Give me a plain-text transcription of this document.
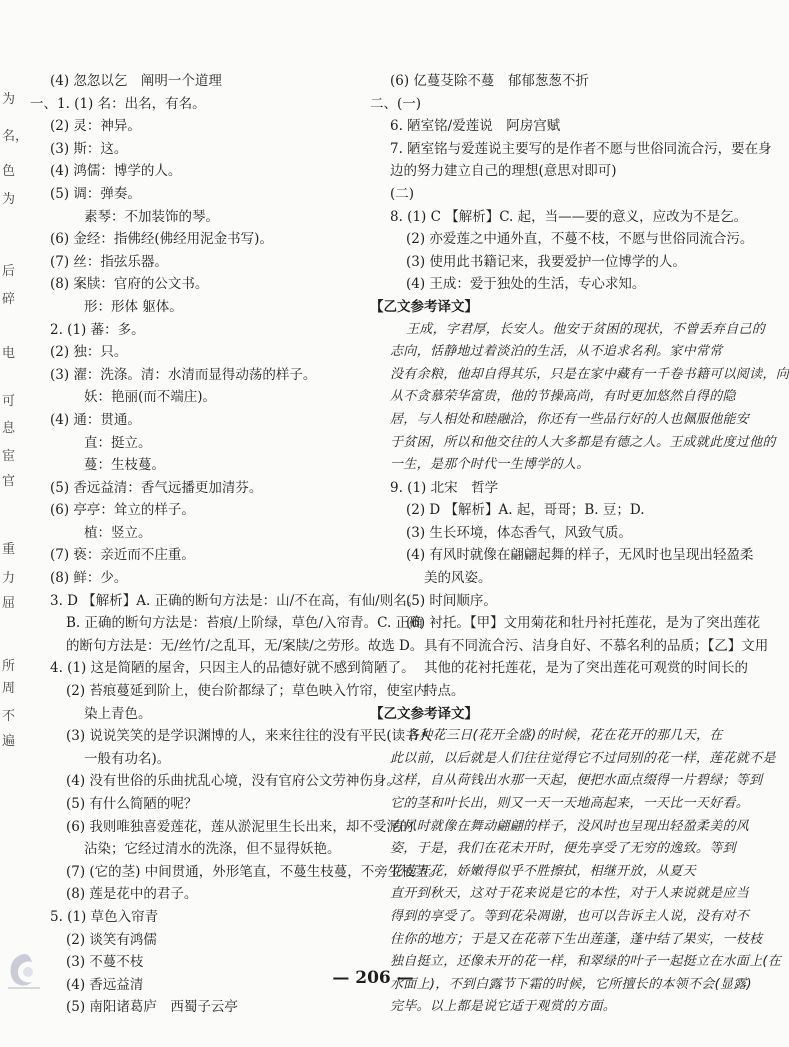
为
名，
色
为
后
碎
电
可
息
宦
官
重
力
屈
所
周
不
遍
(4) 忽忽以乞　阐明一个道理
一、1. (1) 名：出名，有名。
(2) 灵：神异。
(3) 斯：这。
(4) 鸿儒：博学的人。
(5) 调：弹奏。
素琴：不加装饰的琴。
(6) 金经：指佛经(佛经用泥金书写)。
(7) 丝：指弦乐器。
(8) 案牍：官府的公文书。
形：形体 躯体。
2. (1) 蕃：多。
(2) 独：只。
(3) 濯：洗涤。清：水清而显得动荡的样子。
妖：艳丽(而不端庄)。
(4) 通：贯通。
直：挺立。
蔓：生枝蔓。
(5) 香远益清：香气远播更加清芬。
(6) 亭亭：耸立的样子。
植：竖立。
(7) 亵：亲近而不庄重。
(8) 鲜：少。
3. D 【解析】A. 正确的断句方法是：山/不在高，有仙/则名。
B. 正确的断句方法是：苔痕/上阶绿，草色/入帘青。C. 正确
的断句方法是：无/丝竹/之乱耳，无/案牍/之劳形。故选 D。
4. (1) 这是简陋的屋舍，只因主人的品德好就不感到简陋了。
(2) 苔痕蔓延到阶上，使台阶都绿了；草色映入竹帘，使室内
染上青色。
(3) 说说笑笑的是学识渊博的人，来来往往的没有平民(读书人
一般有功名)。
(4) 没有世俗的乐曲扰乱心境，没有官府公文劳神伤身。
(5) 有什么简陋的呢？
(6) 我则唯独喜爱莲花，莲从淤泥里生长出来，却不受泥的
沾染；它经过清水的洗涤，但不显得妖艳。
(7) (它的茎) 中间贯通，外形笔直，不蔓生枝蔓，不旁生枝茎。
(8) 莲是花中的君子。
5. (1) 草色入帘青
(2) 谈笑有鸿儒
(3) 不蔓不枝
(4) 香远益清
(5) 南阳诸葛庐　西蜀子云亭
(6) 亿蔓芟除不蔓　郁郁葱葱不折
二、(一)
6. 陋室铭/爱莲说　阿房宫赋
7. 陋室铭与爱莲说主要写的是作者不愿与世俗同流合污，要在身
边的努力建立自己的理想(意思对即可)
(二)
8. (1) C 【解析】C. 起，当——要的意义，应改为不是乞。
(2) 亦爱莲之中通外直，不蔓不枝，不愿与世俗同流合污。
(3) 使用此书籍记来，我要爱护一位博学的人。
(4) 王成：爱于独处的生活，专心求知。
【乙文参考译文】
王成，字君厚，长安人。他安于贫困的现状，不曾丢弃自己的
志向，恬静地过着淡泊的生活，从不追求名利。家中常常
没有余粮，他却自得其乐，只是在家中藏有一千卷书籍可以阅读，向
从不贪慕荣华富贵，他的节操高尚，有时更加悠然自得的隐
居，与人相处和睦融洽，你还有一些品行好的人也佩服他能安
于贫困，所以和他交往的人大多都是有德之人。王成就此度过他的
一生，是那个时代一生博学的人。
9. (1) 北宋　哲学
(2) D 【解析】A. 起，哥哥；B. 豆；D.
(3) 生长环境，体态香气，风致气质。
(4) 有风时就像在翩翩起舞的样子，无风时也呈现出轻盈柔
美的风姿。
(5) 时间顺序。
(6) 衬托。【甲】文用菊花和牡丹衬托莲花，是为了突出莲花
具有不同流合污、洁身自好、不慕名利的品质；【乙】文用
其他的花衬托莲花，是为了突出莲花可观赏的时间长的
特点。
【乙文参考译文】
各种花三日(花开全盛)的时候，花在花开的那几天，在
此以前，以后就是人们往往觉得它不过同别的花一样，莲花就不是
这样，自从荷钱出水那一天起，便把水面点缀得一片碧绿；等到
它的茎和叶长出，则又一天一天地高起来，一天比一天好看。
有风时就像在舞动翩翩的样子，没风时也呈现出轻盈柔美的风
姿，于是，我们在花未开时，便先享受了无穷的逸致。等到
花苞开花，娇嫩得似乎不胜擦拭，相继开放，从夏天
直开到秋天，这对于花来说是它的本性，对于人来说就是应当
得到的享受了。等到花朵凋谢，也可以告诉主人说，没有对不
住你的地方；于是又在花蒂下生出莲蓬，蓬中结了果实，一枝枝
独自挺立，还像未开的花一样，和翠绿的叶子一起挺立在水面上(在
水面上)，不到白露节下霜的时候，它所擅长的本领不会(显露)
完毕。以上都是说它适于观赏的方面。
— 206 —
